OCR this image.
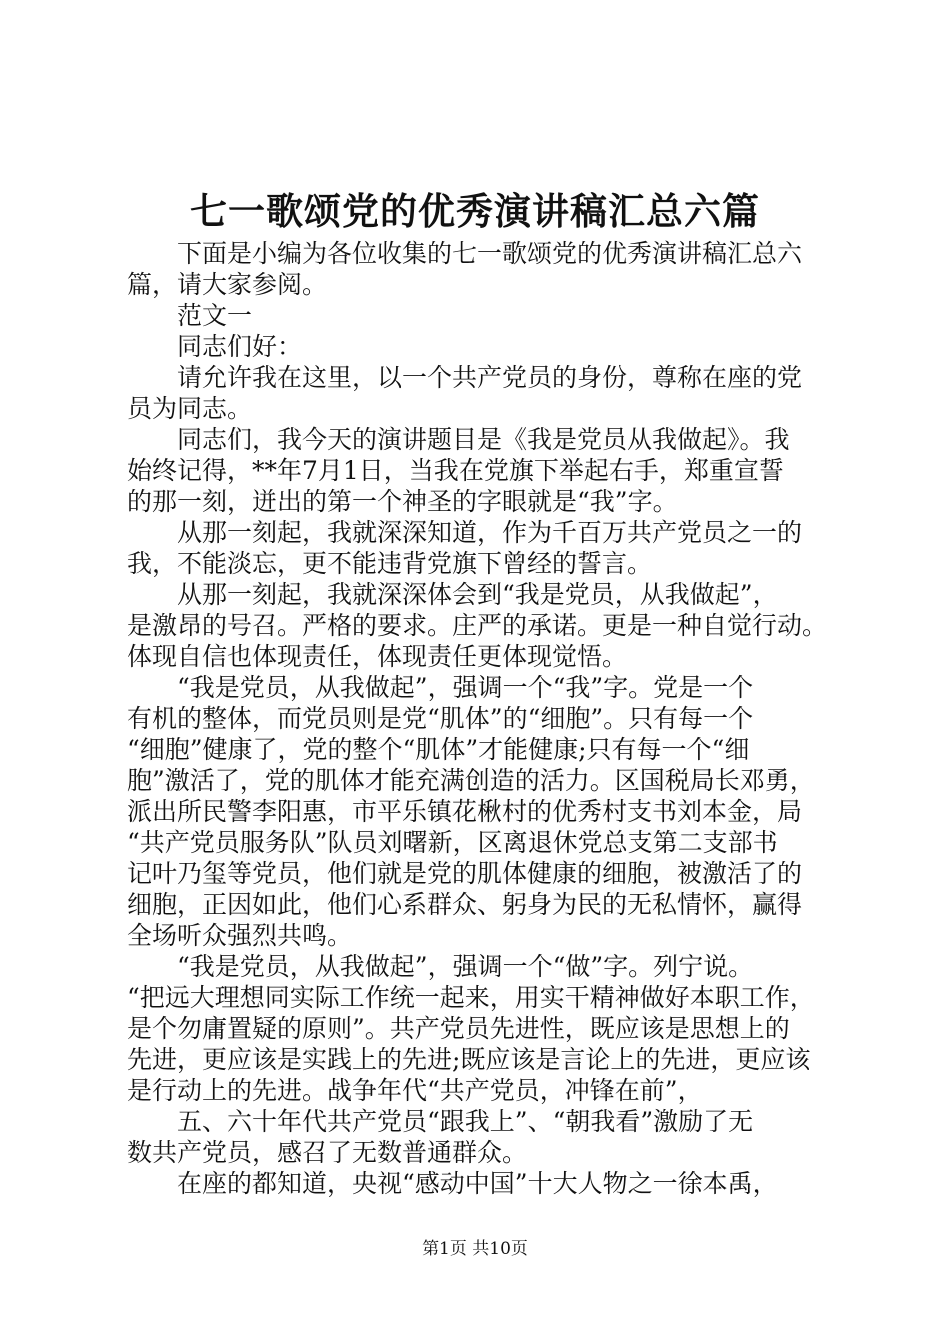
七一歌颂党的优秀演讲稿汇总六篇
　　下面是小编为各位收集的七一歌颂党的优秀演讲稿汇总六
篇，请大家参阅。
　　范文一
　　同志们好：
　　请允许我在这里，以一个共产党员的身份，尊称在座的党
员为同志。
　　同志们，我今天的演讲题目是《我是党员从我做起》。我
始终记得，**年7月1日，当我在党旗下举起右手，郑重宣誓
的那一刻，迸出的第一个神圣的字眼就是“我”字。
　　从那一刻起，我就深深知道，作为千百万共产党员之一的
我，不能淡忘，更不能违背党旗下曾经的誓言。
　　从那一刻起，我就深深体会到“我是党员，从我做起”，
是激昂的号召。严格的要求。庄严的承诺。更是一种自觉行动。
体现自信也体现责任，体现责任更体现觉悟。
　　“我是党员，从我做起”，强调一个“我”字。党是一个
有机的整体，而党员则是党“肌体”的“细胞”。只有每一个
“细胞”健康了，党的整个“肌体”才能健康;只有每一个“细
胞”激活了，党的肌体才能充满创造的活力。区国税局长邓勇，
派出所民警李阳惠，市平乐镇花楸村的优秀村支书刘本金，局
“共产党员服务队”队员刘曙新，区离退休党总支第二支部书
记叶乃玺等党员，他们就是党的肌体健康的细胞，被激活了的
细胞，正因如此，他们心系群众、躬身为民的无私情怀，赢得
全场听众强烈共鸣。
　　“我是党员，从我做起”，强调一个“做”字。列宁说。
“把远大理想同实际工作统一起来，用实干精神做好本职工作，
是个勿庸置疑的原则”。共产党员先进性，既应该是思想上的
先进，更应该是实践上的先进;既应该是言论上的先进，更应该
是行动上的先进。战争年代“共产党员，冲锋在前”，
　　五、六十年代共产党员“跟我上”、“朝我看”激励了无
数共产党员，感召了无数普通群众。
　　在座的都知道，央视“感动中国”十大人物之一徐本禹，
第1页 共10页
